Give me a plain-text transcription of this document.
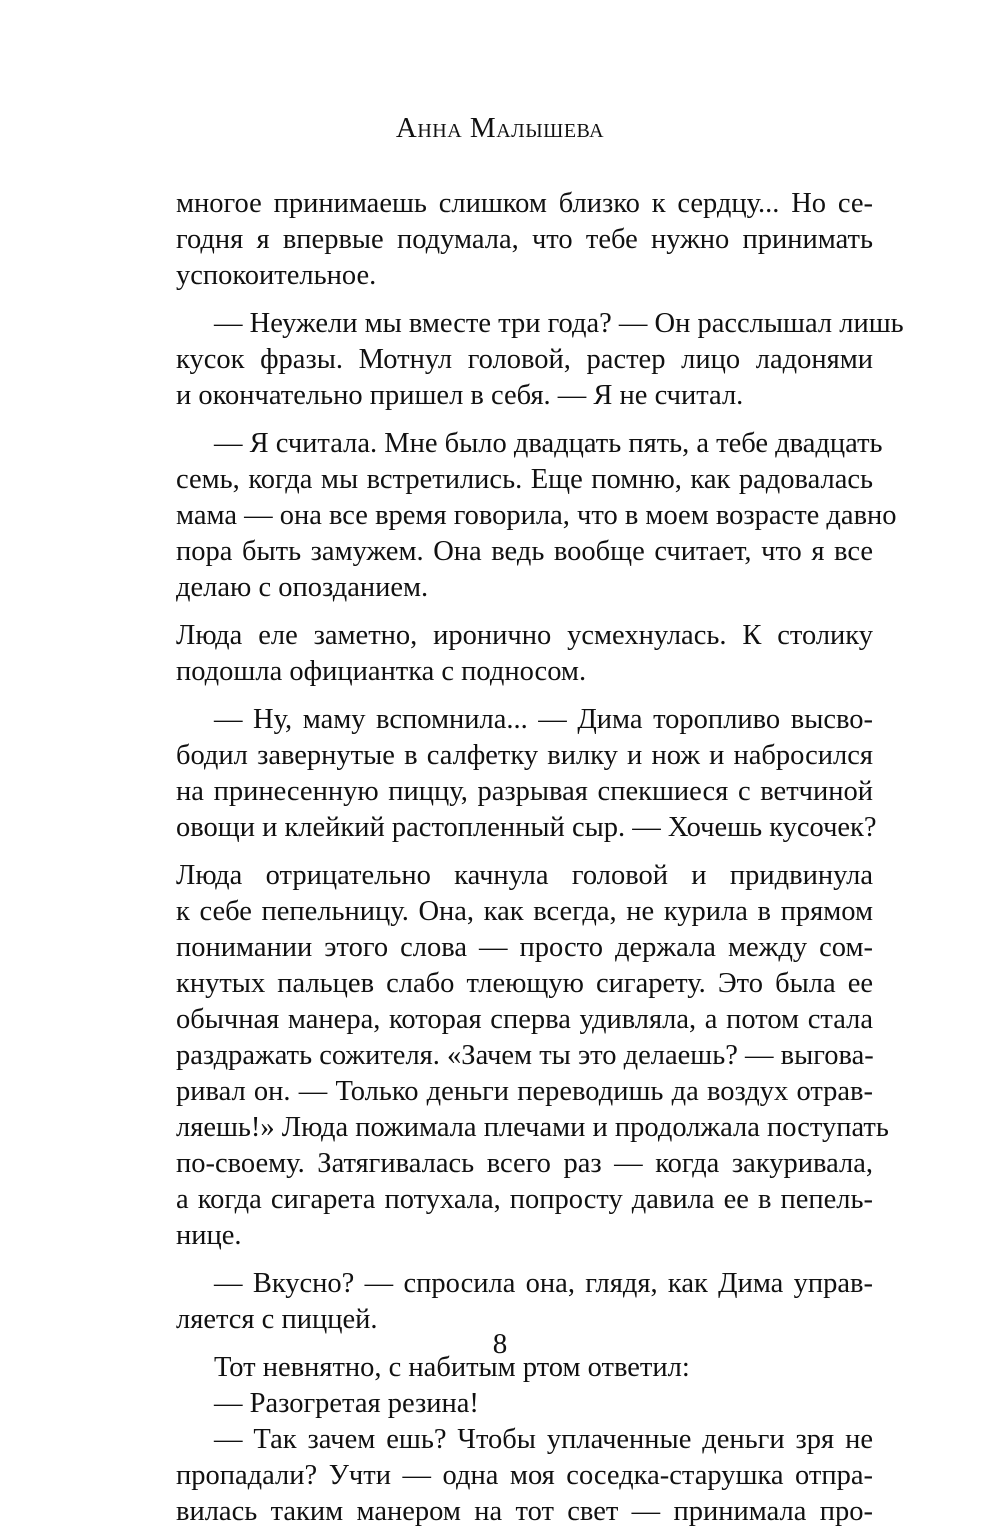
Анна Малышева
многое принимаешь слишком близко к сердцу... Но се-
годня я впервые подумала, что тебе нужно принимать
успокоительное.
— Неужели мы вместе три года? — Он расслышал лишь
кусок фразы. Мотнул головой, растер лицо ладонями
и окончательно пришел в себя. — Я не считал.
— Я считала. Мне было двадцать пять, а тебе двадцать
семь, когда мы встретились. Еще помню, как радовалась
мама — она все время говорила, что в моем возрасте давно
пора быть замужем. Она ведь вообще считает, что я все
делаю с опозданием.
Люда еле заметно, иронично усмехнулась. К столику
подошла официантка с подносом.
— Ну, маму вспомнила... — Дима торопливо высво-
бодил завернутые в салфетку вилку и нож и набросился
на принесенную пиццу, разрывая спекшиеся с ветчиной
овощи и клейкий растопленный сыр. — Хочешь кусочек?
Люда отрицательно качнула головой и придвинула
к себе пепельницу. Она, как всегда, не курила в прямом
понимании этого слова — просто держала между сом-
кнутых пальцев слабо тлеющую сигарету. Это была ее
обычная манера, которая сперва удивляла, а потом стала
раздражать сожителя. «Зачем ты это делаешь? — выгова-
ривал он. — Только деньги переводишь да воздух отрав-
ляешь!» Люда пожимала плечами и продолжала поступать
по-своему. Затягивалась всего раз — когда закуривала,
а когда сигарета потухала, попросту давила ее в пепель-
нице.
— Вкусно? — спросила она, глядя, как Дима управ-
ляется с пиццей.
Тот невнятно, с набитым ртом ответил:
— Разогретая резина!
— Так зачем ешь? Чтобы уплаченные деньги зря не
пропадали? Учти — одна моя соседка-старушка отпра-
вилась таким манером на тот свет — принимала про-
8
